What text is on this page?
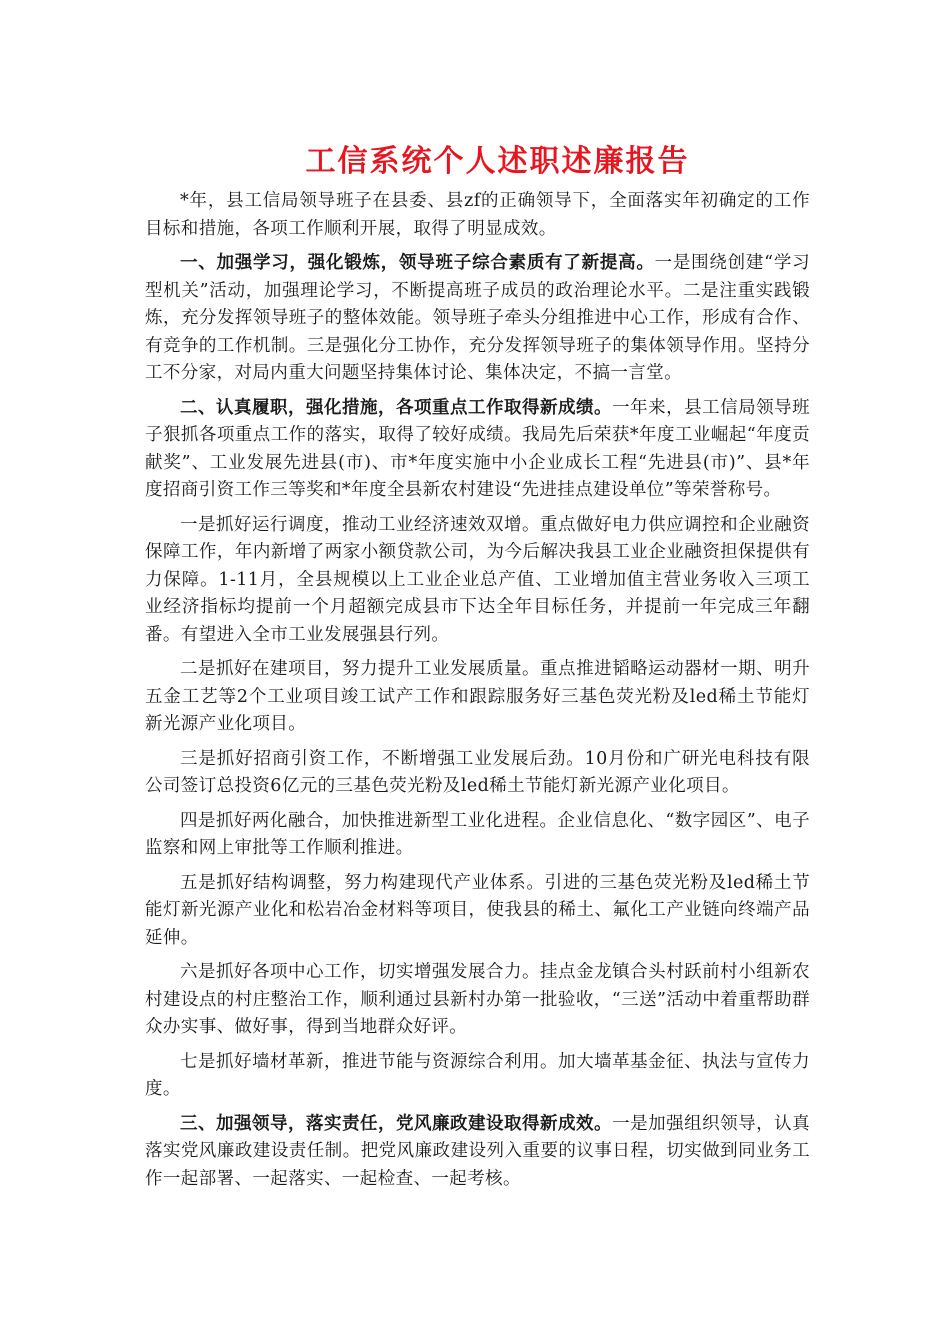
工信系统个人述职述廉报告

*年，县工信局领导班子在县委、县zf的正确领导下，全面落实年初确定的工作目标和措施，各项工作顺利开展，取得了明显成效。

一、加强学习，强化锻炼，领导班子综合素质有了新提高。一是围绕创建“学习型机关”活动，加强理论学习，不断提高班子成员的政治理论水平。二是注重实践锻炼，充分发挥领导班子的整体效能。领导班子牵头分组推进中心工作，形成有合作、有竞争的工作机制。三是强化分工协作，充分发挥领导班子的集体领导作用。坚持分工不分家，对局内重大问题坚持集体讨论、集体决定，不搞一言堂。

二、认真履职，强化措施，各项重点工作取得新成绩。一年来，县工信局领导班子狠抓各项重点工作的落实，取得了较好成绩。我局先后荣获*年度工业崛起“年度贡献奖”、工业发展先进县(市)、市*年度实施中小企业成长工程“先进县(市)”、县*年度招商引资工作三等奖和*年度全县新农村建设“先进挂点建设单位”等荣誉称号。

一是抓好运行调度，推动工业经济速效双增。重点做好电力供应调控和企业融资保障工作，年内新增了两家小额贷款公司，为今后解决我县工业企业融资担保提供有力保障。1-11月，全县规模以上工业企业总产值、工业增加值主营业务收入三项工业经济指标均提前一个月超额完成县市下达全年目标任务，并提前一年完成三年翻番。有望进入全市工业发展强县行列。

二是抓好在建项目，努力提升工业发展质量。重点推进韬略运动器材一期、明升五金工艺等2个工业项目竣工试产工作和跟踪服务好三基色荧光粉及led稀土节能灯新光源产业化项目。

三是抓好招商引资工作，不断增强工业发展后劲。10月份和广研光电科技有限公司签订总投资6亿元的三基色荧光粉及led稀土节能灯新光源产业化项目。

四是抓好两化融合，加快推进新型工业化进程。企业信息化、“数字园区”、电子监察和网上审批等工作顺利推进。

五是抓好结构调整，努力构建现代产业体系。引进的三基色荧光粉及led稀土节能灯新光源产业化和松岩冶金材料等项目，使我县的稀土、氟化工产业链向终端产品延伸。

六是抓好各项中心工作，切实增强发展合力。挂点金龙镇合头村跃前村小组新农村建设点的村庄整治工作，顺利通过县新村办第一批验收，“三送”活动中着重帮助群众办实事、做好事，得到当地群众好评。

七是抓好墙材革新，推进节能与资源综合利用。加大墙革基金征、执法与宣传力度。

三、加强领导，落实责任，党风廉政建设取得新成效。一是加强组织领导，认真落实党风廉政建设责任制。把党风廉政建设列入重要的议事日程，切实做到同业务工作一起部署、一起落实、一起检查、一起考核。
